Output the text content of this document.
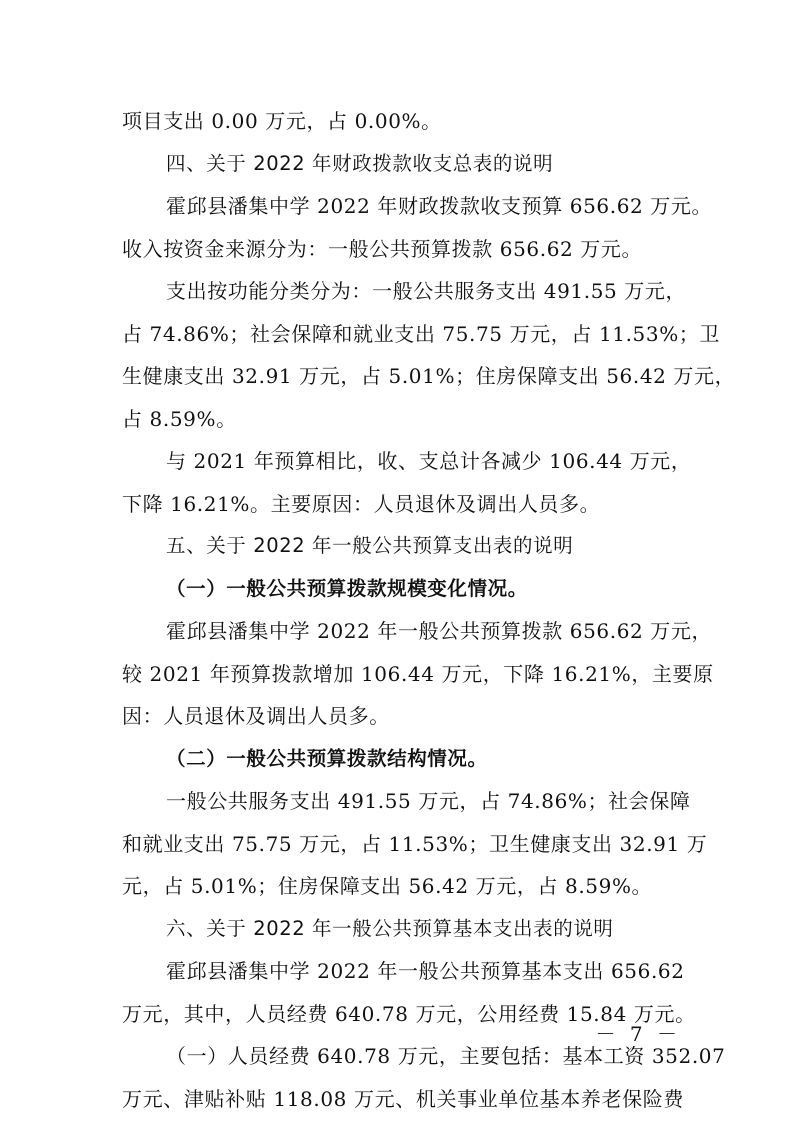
项目支出 0.00 万元，占 0.00%。
四、关于 2022 年财政拨款收支总表的说明
霍邱县潘集中学 2022 年财政拨款收支预算 656.62 万元。
收入按资金来源分为：一般公共预算拨款 656.62 万元。
支出按功能分类分为：一般公共服务支出 491.55 万元，
占 74.86%；社会保障和就业支出 75.75 万元，占 11.53%；卫
生健康支出 32.91 万元，占 5.01%；住房保障支出 56.42 万元，
占 8.59%。
与 2021 年预算相比，收、支总计各减少 106.44 万元，
下降 16.21%。主要原因：人员退休及调出人员多。
五、关于 2022 年一般公共预算支出表的说明
（一）一般公共预算拨款规模变化情况。
霍邱县潘集中学 2022 年一般公共预算拨款 656.62 万元，
较 2021 年预算拨款增加 106.44 万元，下降 16.21%，主要原
因：人员退休及调出人员多。
（二）一般公共预算拨款结构情况。
一般公共服务支出 491.55 万元，占 74.86%；社会保障
和就业支出 75.75 万元，占 11.53%；卫生健康支出 32.91 万
元，占 5.01%；住房保障支出 56.42 万元，占 8.59%。
六、关于 2022 年一般公共预算基本支出表的说明
霍邱县潘集中学 2022 年一般公共预算基本支出 656.62
万元，其中，人员经费 640.78 万元，公用经费 15.84 万元。
（一）人员经费 640.78 万元，主要包括：基本工资 352.07
万元、津贴补贴 118.08 万元、机关事业单位基本养老保险费
－ 7 －
